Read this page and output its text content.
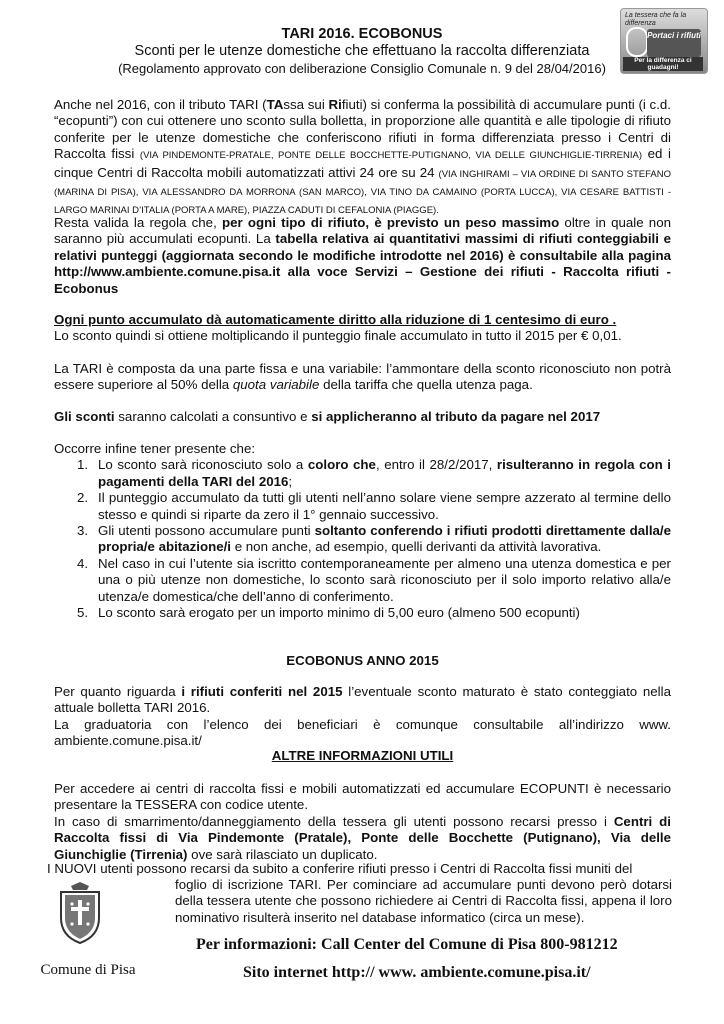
TARI 2016. ECOBONUS
Sconti per le utenze domestiche che effettuano la raccolta differenziata
(Regolamento approvato con deliberazione Consiglio Comunale n. 9 del 28/04/2016)
La tessera che fa la differenza
Portaci i rifiuti
Per la differenza ci guadagni!
Anche nel 2016, con il tributo TARI (TAssa sui Rifiuti) si conferma la possibilità di accumulare punti (i c.d. “ecopunti”) con cui ottenere uno sconto sulla bolletta, in proporzione alle quantità e alle tipologie di rifiuto conferite per le utenze domestiche che conferiscono rifiuti in forma differenziata presso i Centri di Raccolta fissi (VIA PINDEMONTE-PRATALE, PONTE DELLE BOCCHETTE-PUTIGNANO, VIA DELLE GIUNCHIGLIE-TIRRENIA) ed i cinque Centri di Raccolta mobili automatizzati attivi 24 ore su 24 (VIA INGHIRAMI – VIA ORDINE DI SANTO STEFANO (MARINA DI PISA), VIA ALESSANDRO DA MORRONA (SAN MARCO), VIA TINO DA CAMAINO (PORTA LUCCA), VIA CESARE BATTISTI - LARGO MARINAI D’ITALIA (PORTA A MARE), PIAZZA CADUTI DI CEFALONIA (PIAGGE).
Resta valida la regola che, per ogni tipo di rifiuto, è previsto un peso massimo oltre in quale non saranno più accumulati ecopunti. La tabella relativa ai quantitativi massimi di rifiuti conteggiabili e relativi punteggi (aggiornata secondo le modifiche introdotte nel 2016) è consultabile alla pagina http://www.ambiente.comune.pisa.it alla voce Servizi – Gestione dei rifiuti - Raccolta rifiuti - Ecobonus
Ogni punto accumulato dà automaticamente diritto alla riduzione di 1 centesimo di euro .
Lo sconto quindi si ottiene moltiplicando il punteggio finale accumulato in tutto il 2015 per € 0,01.
La TARI è composta da una parte fissa e una variabile: l’ammontare della sconto riconosciuto non potrà essere superiore al 50% della quota variabile della tariffa che quella utenza paga.
Gli sconti saranno calcolati a consuntivo e si applicheranno al tributo da pagare nel 2017
Occorre infine tener presente che:
1. Lo sconto sarà riconosciuto solo a coloro che, entro il 28/2/2017, risulteranno in regola con i pagamenti della TARI del 2016;
2. Il punteggio accumulato da tutti gli utenti nell’anno solare viene sempre azzerato al termine dello stesso e quindi si riparte da zero il 1° gennaio successivo.
3. Gli utenti possono accumulare punti soltanto conferendo i rifiuti prodotti direttamente dalla/e propria/e abitazione/i e non anche, ad esempio, quelli derivanti da attività lavorativa.
4. Nel caso in cui l’utente sia iscritto contemporaneamente per almeno una utenza domestica e per una o più utenze non domestiche, lo sconto sarà riconosciuto per il solo importo relativo alla/e utenza/e domestica/che dell’anno di conferimento.
5. Lo sconto sarà erogato per un importo minimo di 5,00 euro (almeno 500 ecopunti)
ECOBONUS ANNO 2015
Per quanto riguarda i rifiuti conferiti nel 2015 l’eventuale sconto maturato è stato conteggiato nella attuale bolletta TARI 2016.
La graduatoria con l’elenco dei beneficiari è comunque consultabile all’indirizzo www. ambiente.comune.pisa.it/
ALTRE INFORMAZIONI UTILI
Per accedere ai centri di raccolta fissi e mobili automatizzati ed accumulare ECOPUNTI è necessario presentare la TESSERA con codice utente.
In caso di smarrimento/danneggiamento della tessera gli utenti possono recarsi presso i Centri di Raccolta fissi di Via Pindemonte (Pratale), Ponte delle Bocchette (Putignano), Via delle Giunchiglie (Tirrenia) ove sarà rilasciato un duplicato.
I NUOVI utenti possono recarsi da subito a conferire rifiuti presso i Centri di Raccolta fissi muniti del
foglio di iscrizione TARI. Per cominciare ad accumulare punti devono però dotarsi della tessera utente che possono richiedere ai Centri di Raccolta fissi, appena il loro nominativo risulterà inserito nel database informatico (circa un mese).
Comune di Pisa
Per informazioni: Call Center del Comune di Pisa 800-981212
Sito internet http:// www. ambiente.comune.pisa.it/
